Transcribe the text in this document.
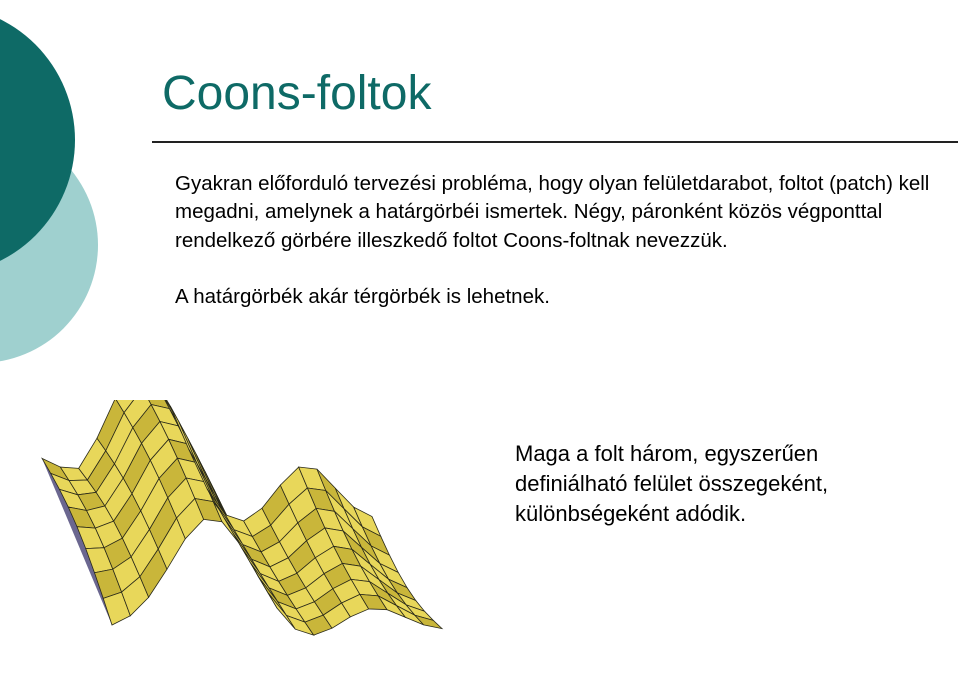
Coons-foltok

Gyakran előforduló tervezési probléma, hogy olyan felületdarabot, foltot (patch) kell megadni, amelynek a határgörbéi ismertek. Négy, páronként közös végponttal rendelkező görbére illeszkedő foltot Coons-foltnak nevezzük.

A határgörbék akár térgörbék is lehetnek.

Maga a folt három, egyszerűen definiálható felület összegeként, különbségeként adódik.
